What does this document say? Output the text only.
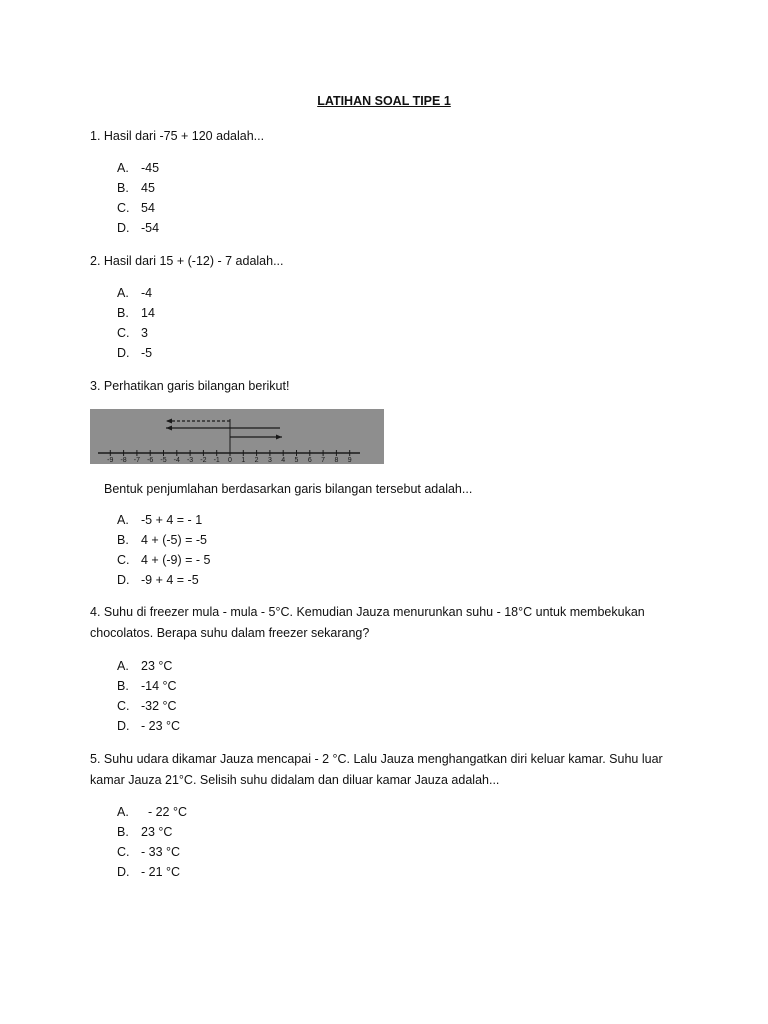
LATIHAN SOAL TIPE 1
1. Hasil dari -75 + 120 adalah...
A. -45
B. 45
C. 54
D. -54
2. Hasil dari 15 + (-12) - 7 adalah...
A. -4
B. 14
C. 3
D. -5
3. Perhatikan garis bilangan berikut!
-9 -8 -7 -6 -5 -4 -3 -2 -1 0 1 2 3 4 5 6 7 8 9
Bentuk penjumlahan berdasarkan garis bilangan tersebut adalah...
A. -5 + 4 = - 1
B. 4 + (-5) = -5
C. 4 + (-9) = - 5
D. -9 + 4 = -5
4. Suhu di freezer mula - mula - 5°C. Kemudian Jauza menurunkan suhu - 18°C untuk membekukan
chocolatos. Berapa suhu dalam freezer sekarang?
A. 23 °C
B. -14 °C
C. -32 °C
D. - 23 °C
5. Suhu udara dikamar Jauza mencapai - 2 °C. Lalu Jauza menghangatkan diri keluar kamar. Suhu luar
kamar Jauza 21°C. Selisih suhu didalam dan diluar kamar Jauza adalah...
A. - 22 °C
B. 23 °C
C. - 33 °C
D. - 21 °C
